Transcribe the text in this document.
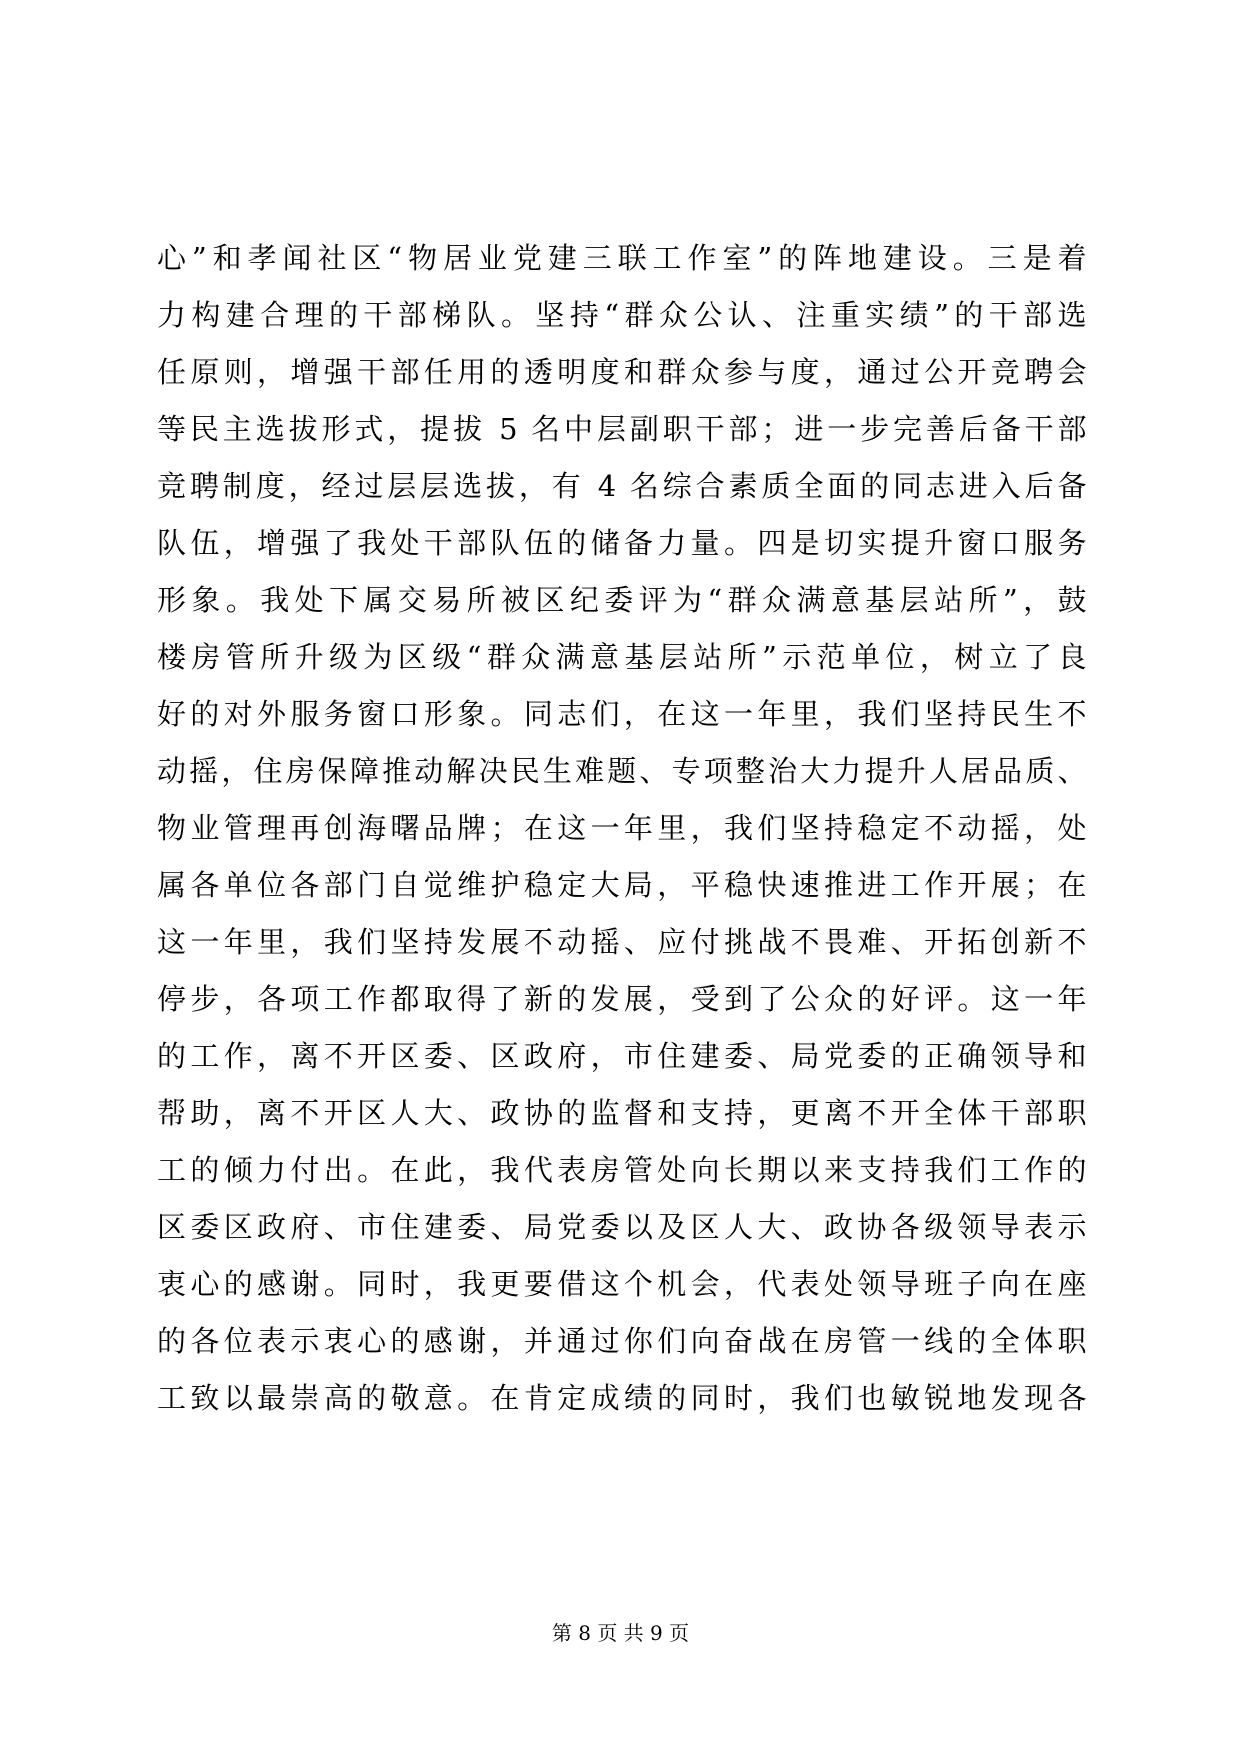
心”和孝闻社区“物居业党建三联工作室”的阵地建设。三是着
力构建合理的干部梯队。坚持“群众公认、注重实绩”的干部选
任原则，增强干部任用的透明度和群众参与度，通过公开竞聘会
等民主选拔形式，提拔 5 名中层副职干部；进一步完善后备干部
竞聘制度，经过层层选拔，有 4 名综合素质全面的同志进入后备
队伍，增强了我处干部队伍的储备力量。四是切实提升窗口服务
形象。我处下属交易所被区纪委评为“群众满意基层站所”，鼓
楼房管所升级为区级“群众满意基层站所”示范单位，树立了良
好的对外服务窗口形象。同志们，在这一年里，我们坚持民生不
动摇，住房保障推动解决民生难题、专项整治大力提升人居品质、
物业管理再创海曙品牌；在这一年里，我们坚持稳定不动摇，处
属各单位各部门自觉维护稳定大局，平稳快速推进工作开展；在
这一年里，我们坚持发展不动摇、应付挑战不畏难、开拓创新不
停步，各项工作都取得了新的发展，受到了公众的好评。这一年
的工作，离不开区委、区政府，市住建委、局党委的正确领导和
帮助，离不开区人大、政协的监督和支持，更离不开全体干部职
工的倾力付出。在此，我代表房管处向长期以来支持我们工作的
区委区政府、市住建委、局党委以及区人大、政协各级领导表示
衷心的感谢。同时，我更要借这个机会，代表处领导班子向在座
的各位表示衷心的感谢，并通过你们向奋战在房管一线的全体职
工致以最崇高的敬意。在肯定成绩的同时，我们也敏锐地发现各
第 8 页 共 9 页
